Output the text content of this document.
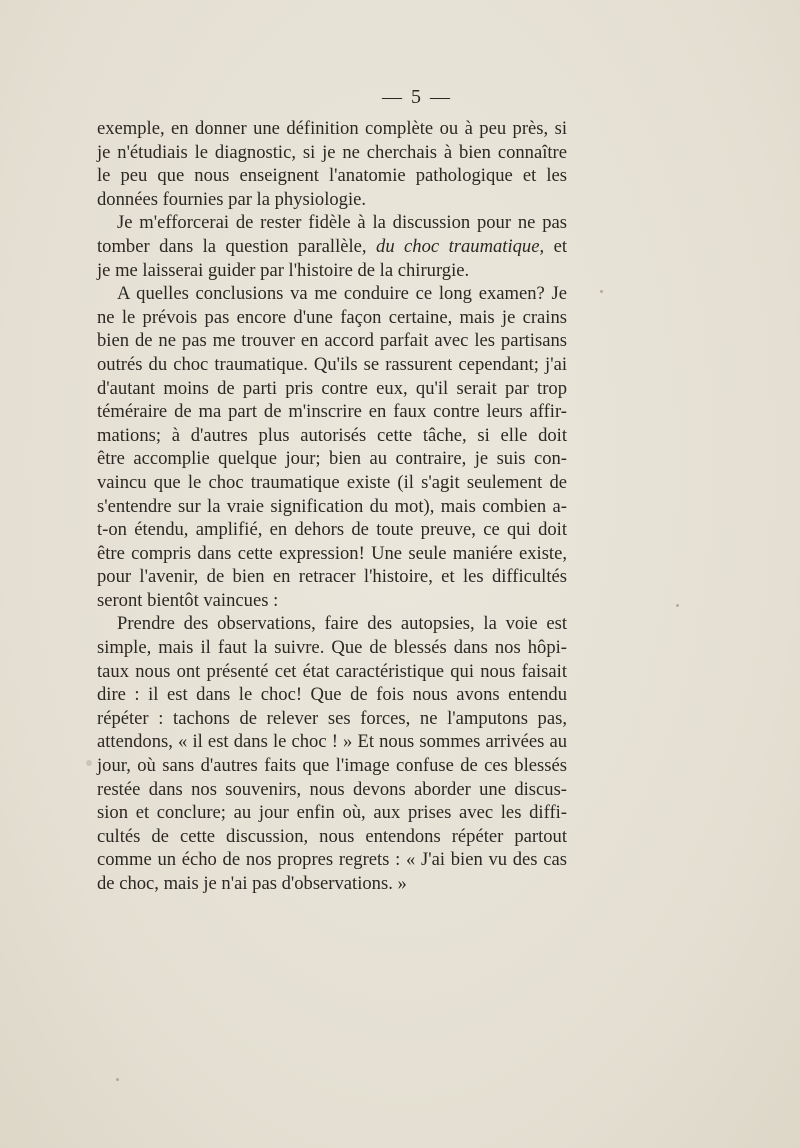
— 5 —
exemple, en donner une définition complète ou à peu près, si
je n'étudiais le diagnostic, si je ne cherchais à bien connaître
le peu que nous enseignent l'anatomie pathologique et les
données fournies par la physiologie.
Je m'efforcerai de rester fidèle à la discussion pour ne pas
tomber dans la question parallèle, du choc traumatique, et
je me laisserai guider par l'histoire de la chirurgie.
A quelles conclusions va me conduire ce long examen? Je
ne le prévois pas encore d'une façon certaine, mais je crains
bien de ne pas me trouver en accord parfait avec les partisans
outrés du choc traumatique. Qu'ils se rassurent cependant; j'ai
d'autant moins de parti pris contre eux, qu'il serait par trop
téméraire de ma part de m'inscrire en faux contre leurs affir-
mations; à d'autres plus autorisés cette tâche, si elle doit
être accomplie quelque jour; bien au contraire, je suis con-
vaincu que le choc traumatique existe (il s'agit seulement de
s'entendre sur la vraie signification du mot), mais combien a-
t-on étendu, amplifié, en dehors de toute preuve, ce qui doit
être compris dans cette expression! Une seule maniére existe,
pour l'avenir, de bien en retracer l'histoire, et les difficultés
seront bientôt vaincues :
Prendre des observations, faire des autopsies, la voie est
simple, mais il faut la suivre. Que de blessés dans nos hôpi-
taux nous ont présenté cet état caractéristique qui nous faisait
dire : il est dans le choc! Que de fois nous avons entendu
répéter : tachons de relever ses forces, ne l'amputons pas,
attendons, « il est dans le choc ! » Et nous sommes arrivées au
jour, où sans d'autres faits que l'image confuse de ces blessés
restée dans nos souvenirs, nous devons aborder une discus-
sion et conclure; au jour enfin où, aux prises avec les diffi-
cultés de cette discussion, nous entendons répéter partout
comme un écho de nos propres regrets : « J'ai bien vu des cas
de choc, mais je n'ai pas d'observations. »
